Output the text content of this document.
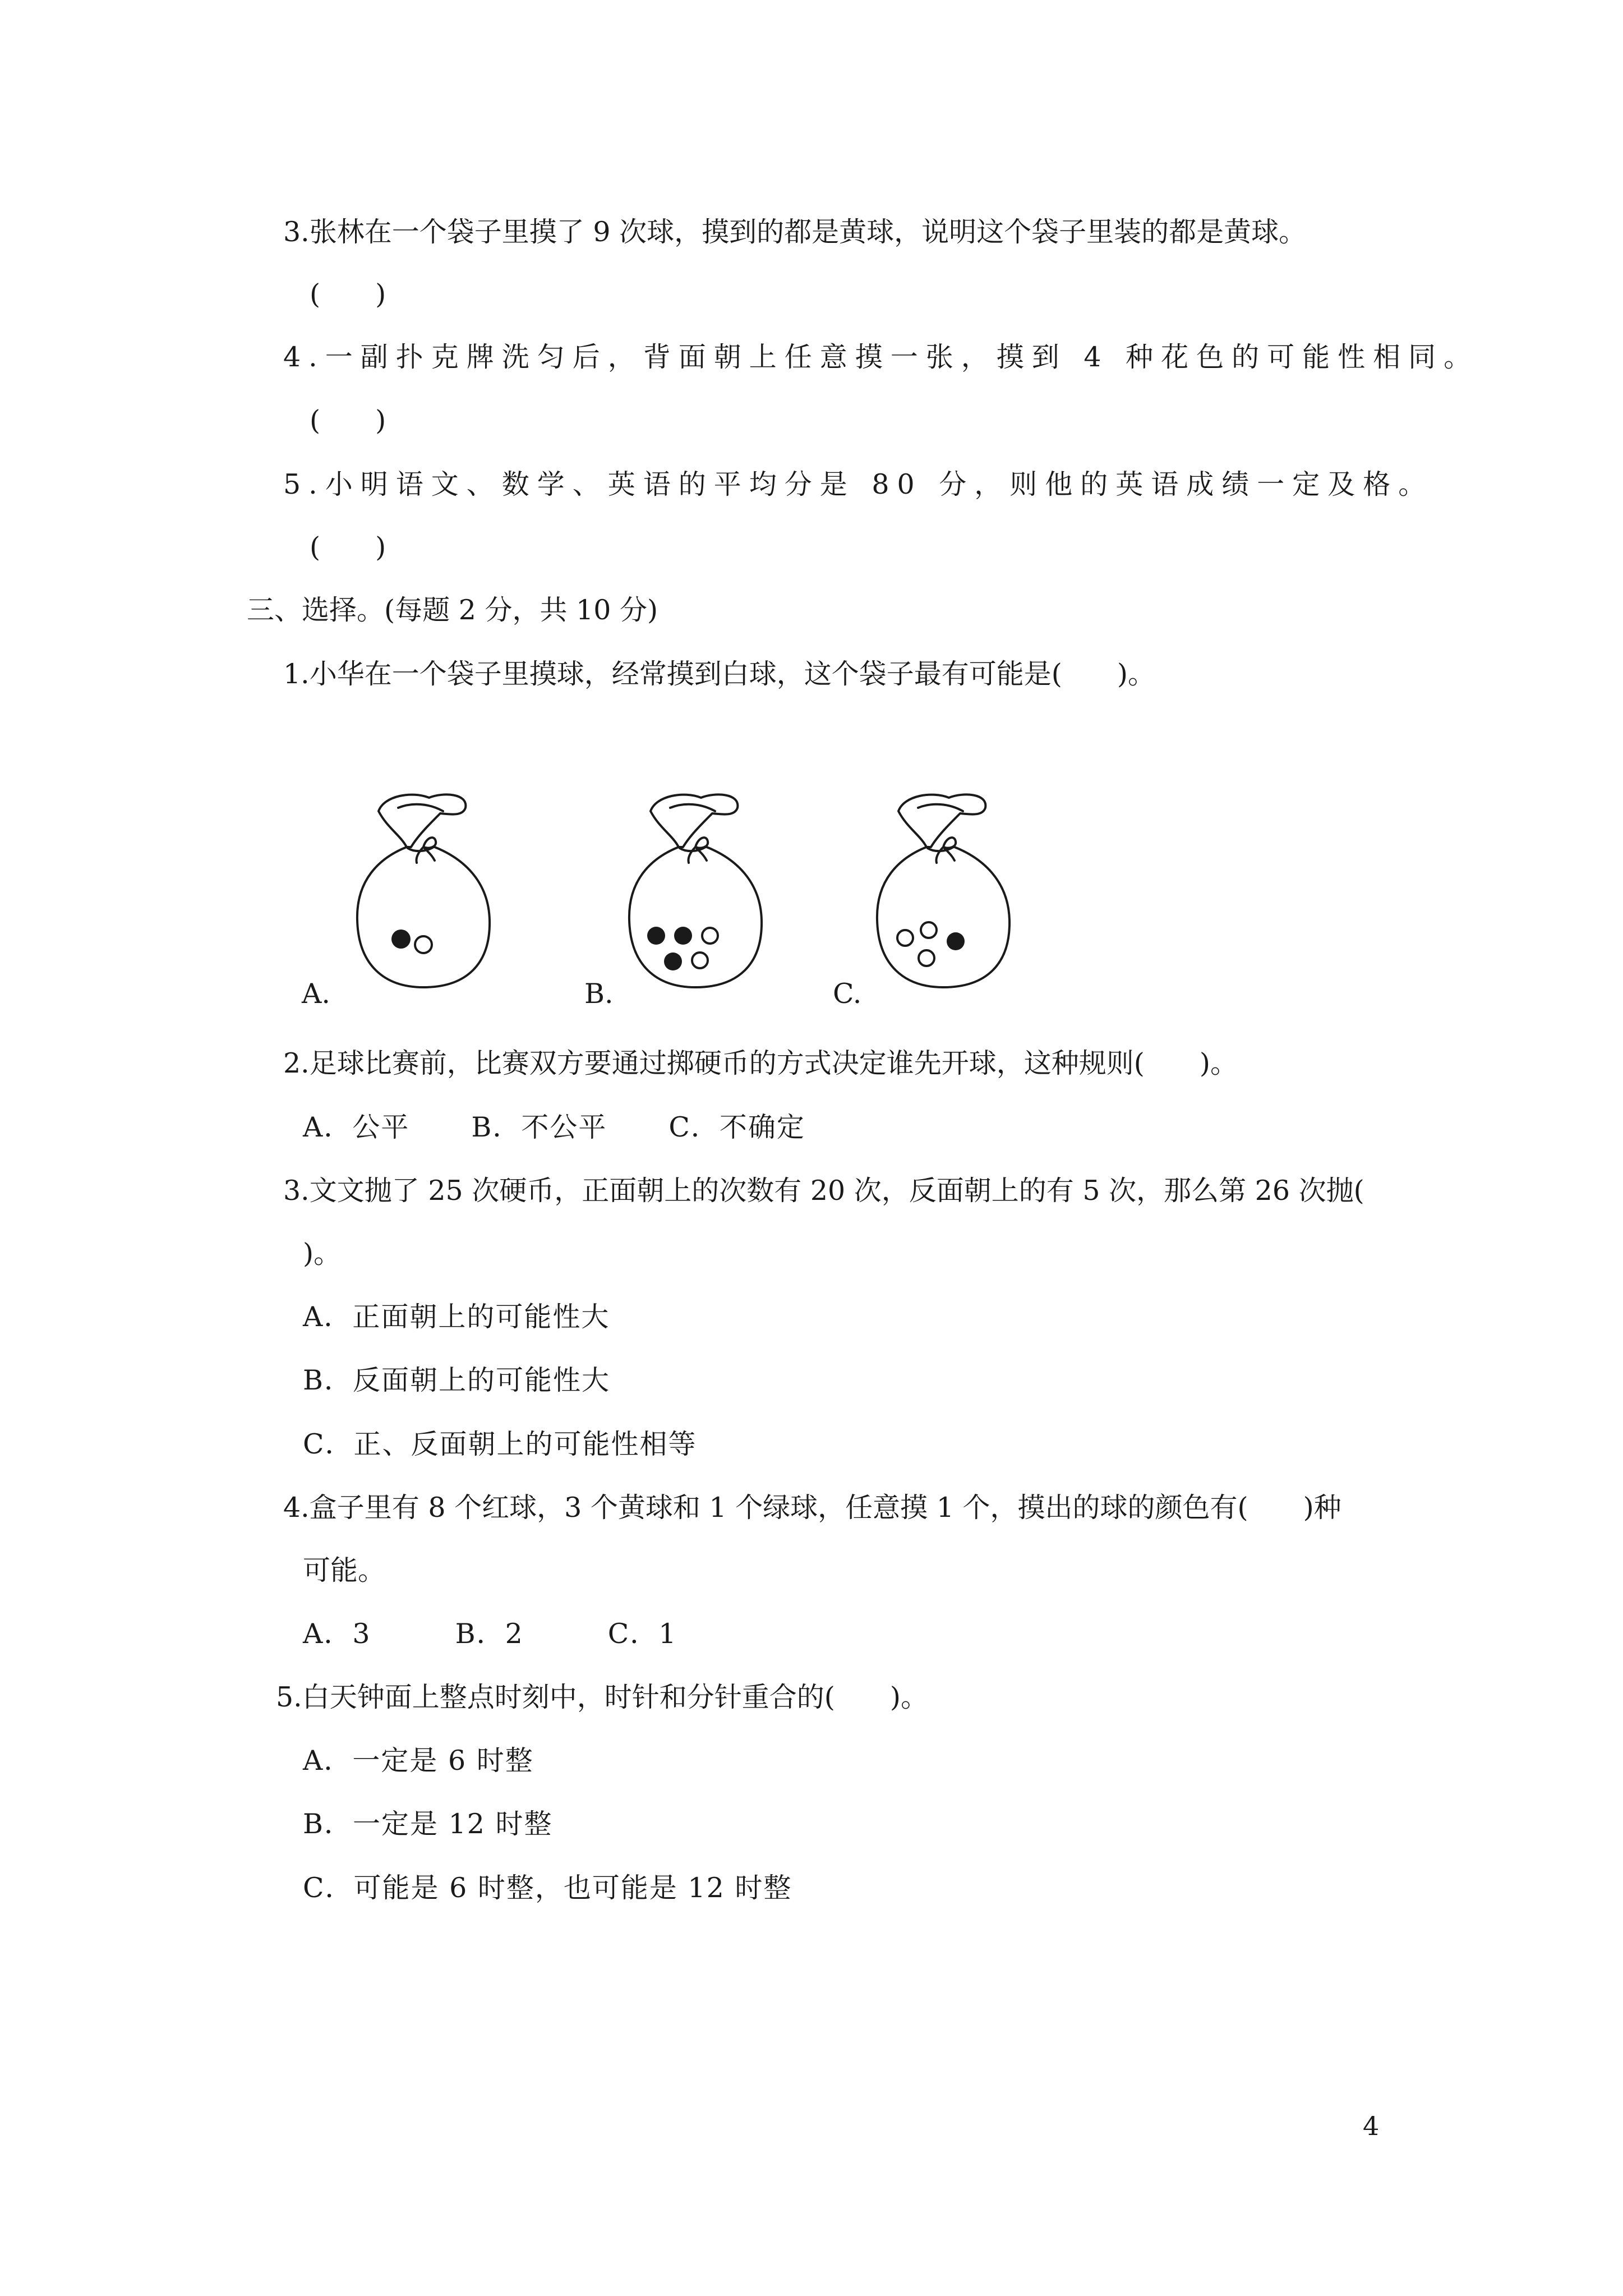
3.张林在一个袋子里摸了 9 次球，摸到的都是黄球，说明这个袋子里装的都是黄球。
(　　)
4.一副扑克牌洗匀后，背面朝上任意摸一张，摸到 4 种花色的可能性相同。
(　　)
5.小明语文、数学、英语的平均分是 80 分，则他的英语成绩一定及格。
(　　)
三、选择。(每题 2 分，共 10 分)
1.小华在一个袋子里摸球，经常摸到白球，这个袋子最有可能是(　　)。
A.	B.	C.
2.足球比赛前，比赛双方要通过掷硬币的方式决定谁先开球，这种规则(　　)。
A．公平 B．不公平 C．不确定
3.文文抛了 25 次硬币，正面朝上的次数有 20 次，反面朝上的有 5 次，那么第 26 次抛(
)。
A．正面朝上的可能性大
B．反面朝上的可能性大
C．正、反面朝上的可能性相等
4.盒子里有 8 个红球，3 个黄球和 1 个绿球，任意摸 1 个，摸出的球的颜色有(　　)种
可能。
A．3	B．2	C．1
5.白天钟面上整点时刻中，时针和分针重合的(　　)。
A．一定是 6 时整
B．一定是 12 时整
C．可能是 6 时整，也可能是 12 时整
4
